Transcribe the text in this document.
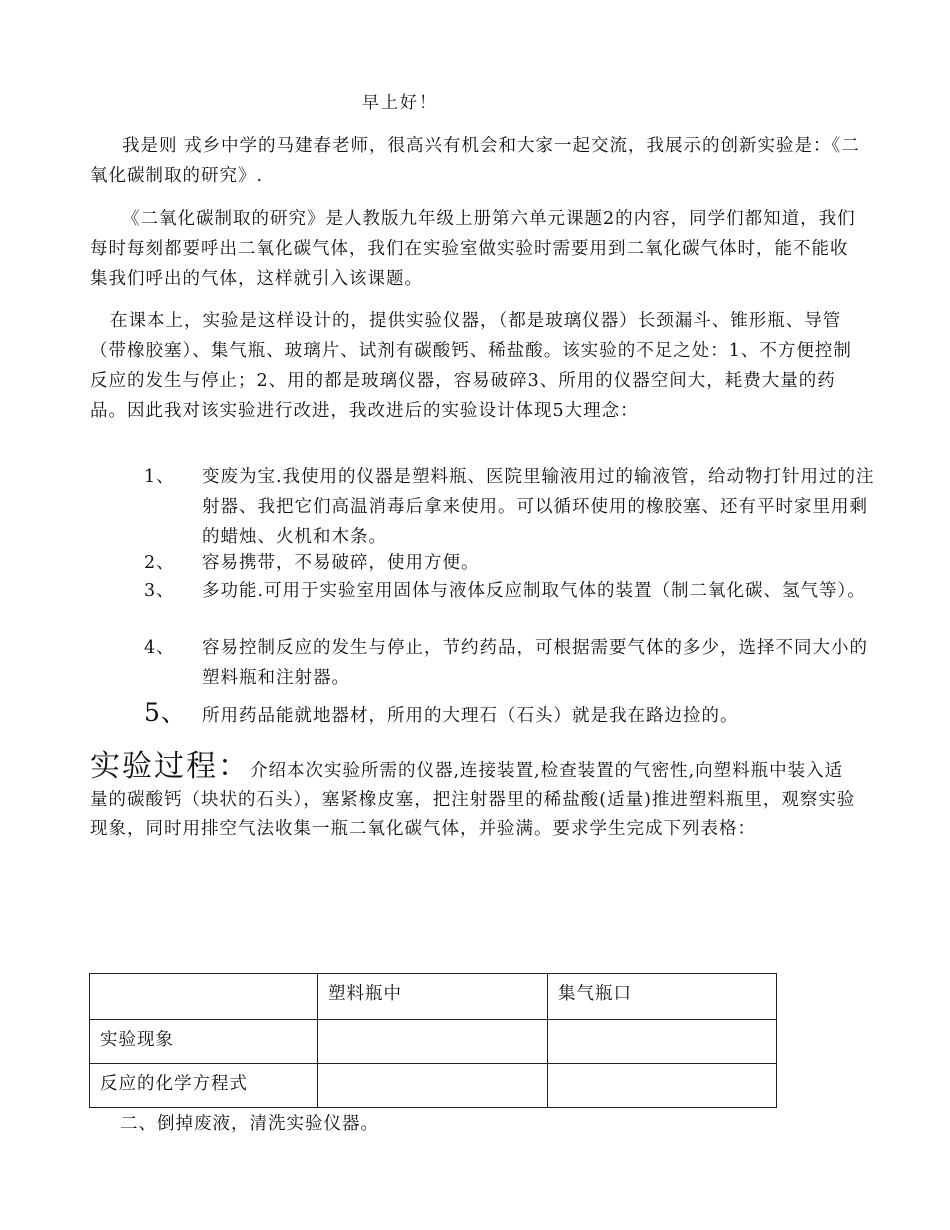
早上好！

我是则 戎乡中学的马建春老师，很高兴有机会和大家一起交流，我展示的创新实验是：《二氧化碳制取的研究》.

《二氧化碳制取的研究》是人教版九年级上册第六单元课题2的内容，同学们都知道，我们每时每刻都要呼出二氧化碳气体，我们在实验室做实验时需要用到二氧化碳气体时，能不能收集我们呼出的气体，这样就引入该课题。

在课本上，实验是这样设计的，提供实验仪器，（都是玻璃仪器）长颈漏斗、锥形瓶、导管（带橡胶塞）、集气瓶、玻璃片、试剂有碳酸钙、稀盐酸。该实验的不足之处：1、不方便控制反应的发生与停止；2、用的都是玻璃仪器，容易破碎3、所用的仪器空间大，耗费大量的药品。因此我对该实验进行改进，我改进后的实验设计体现5大理念：

1、 变废为宝.我使用的仪器是塑料瓶、医院里输液用过的输液管，给动物打针用过的注射器、我把它们高温消毒后拿来使用。可以循环使用的橡胶塞、还有平时家里用剩的蜡烛、火机和木条。
2、 容易携带，不易破碎，使用方便。
3、 多功能.可用于实验室用固体与液体反应制取气体的装置（制二氧化碳、氢气等）。
4、 容易控制反应的发生与停止，节约药品，可根据需要气体的多少，选择不同大小的塑料瓶和注射器。
5、 所用药品能就地器材，所用的大理石（石头）就是我在路边捡的。

实验过程：介绍本次实验所需的仪器,连接装置,检查装置的气密性,向塑料瓶中装入适量的碳酸钙（块状的石头），塞紧橡皮塞，把注射器里的稀盐酸(适量)推进塑料瓶里，观察实验现象，同时用排空气法收集一瓶二氧化碳气体，并验满。要求学生完成下列表格：

	塑料瓶中	集气瓶口
实验现象		
反应的化学方程式		
二、倒掉废液，清洗实验仪器。
